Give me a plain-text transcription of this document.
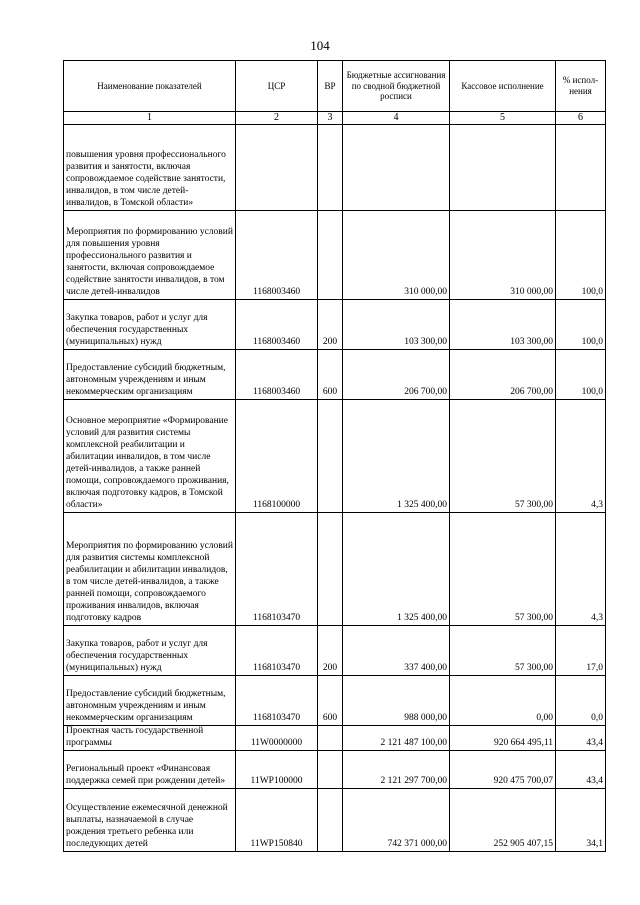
104
Наименование показателей	ЦСР	ВР	Бюджетные ассигнования по сводной бюджетной росписи	Кассовое исполнение	% испол-нения
1	2	3	4	5	6
повышения уровня профессионального развития и занятости, включая сопровождаемое содействие занятости, инвалидов, в том числе детей-инвалидов, в Томской области»					
Мероприятия по формированию условий для повышения уровня профессионального развития и занятости, включая сопровождаемое содействие занятости инвалидов, в том числе детей-инвалидов	1168003460		310 000,00	310 000,00	100,0
Закупка товаров, работ и услуг для обеспечения государственных (муниципальных) нужд	1168003460	200	103 300,00	103 300,00	100,0
Предоставление субсидий бюджетным, автономным учреждениям и иным некоммерческим организациям	1168003460	600	206 700,00	206 700,00	100,0
Основное мероприятие «Формирование условий для развития системы комплексной реабилитации и абилитации инвалидов, в том числе детей-инвалидов, а также ранней помощи, сопровождаемого проживания, включая подготовку кадров, в Томской области»	1168100000		1 325 400,00	57 300,00	4,3
Мероприятия по формированию условий для развития системы комплексной реабилитации и абилитации инвалидов, в том числе детей-инвалидов, а также ранней помощи, сопровождаемого проживания инвалидов, включая подготовку кадров	1168103470		1 325 400,00	57 300,00	4,3
Закупка товаров, работ и услуг для обеспечения государственных (муниципальных) нужд	1168103470	200	337 400,00	57 300,00	17,0
Предоставление субсидий бюджетным, автономным учреждениям и иным некоммерческим организациям	1168103470	600	988 000,00	0,00	0,0
Проектная часть государственной программы	11W0000000		2 121 487 100,00	920 664 495,11	43,4
Региональный проект «Финансовая поддержка семей при рождении детей»	11WP100000		2 121 297 700,00	920 475 700,07	43,4
Осуществление ежемесячной денежной выплаты, назначаемой в случае рождения третьего ребенка или последующих детей	11WP150840		742 371 000,00	252 905 407,15	34,1
